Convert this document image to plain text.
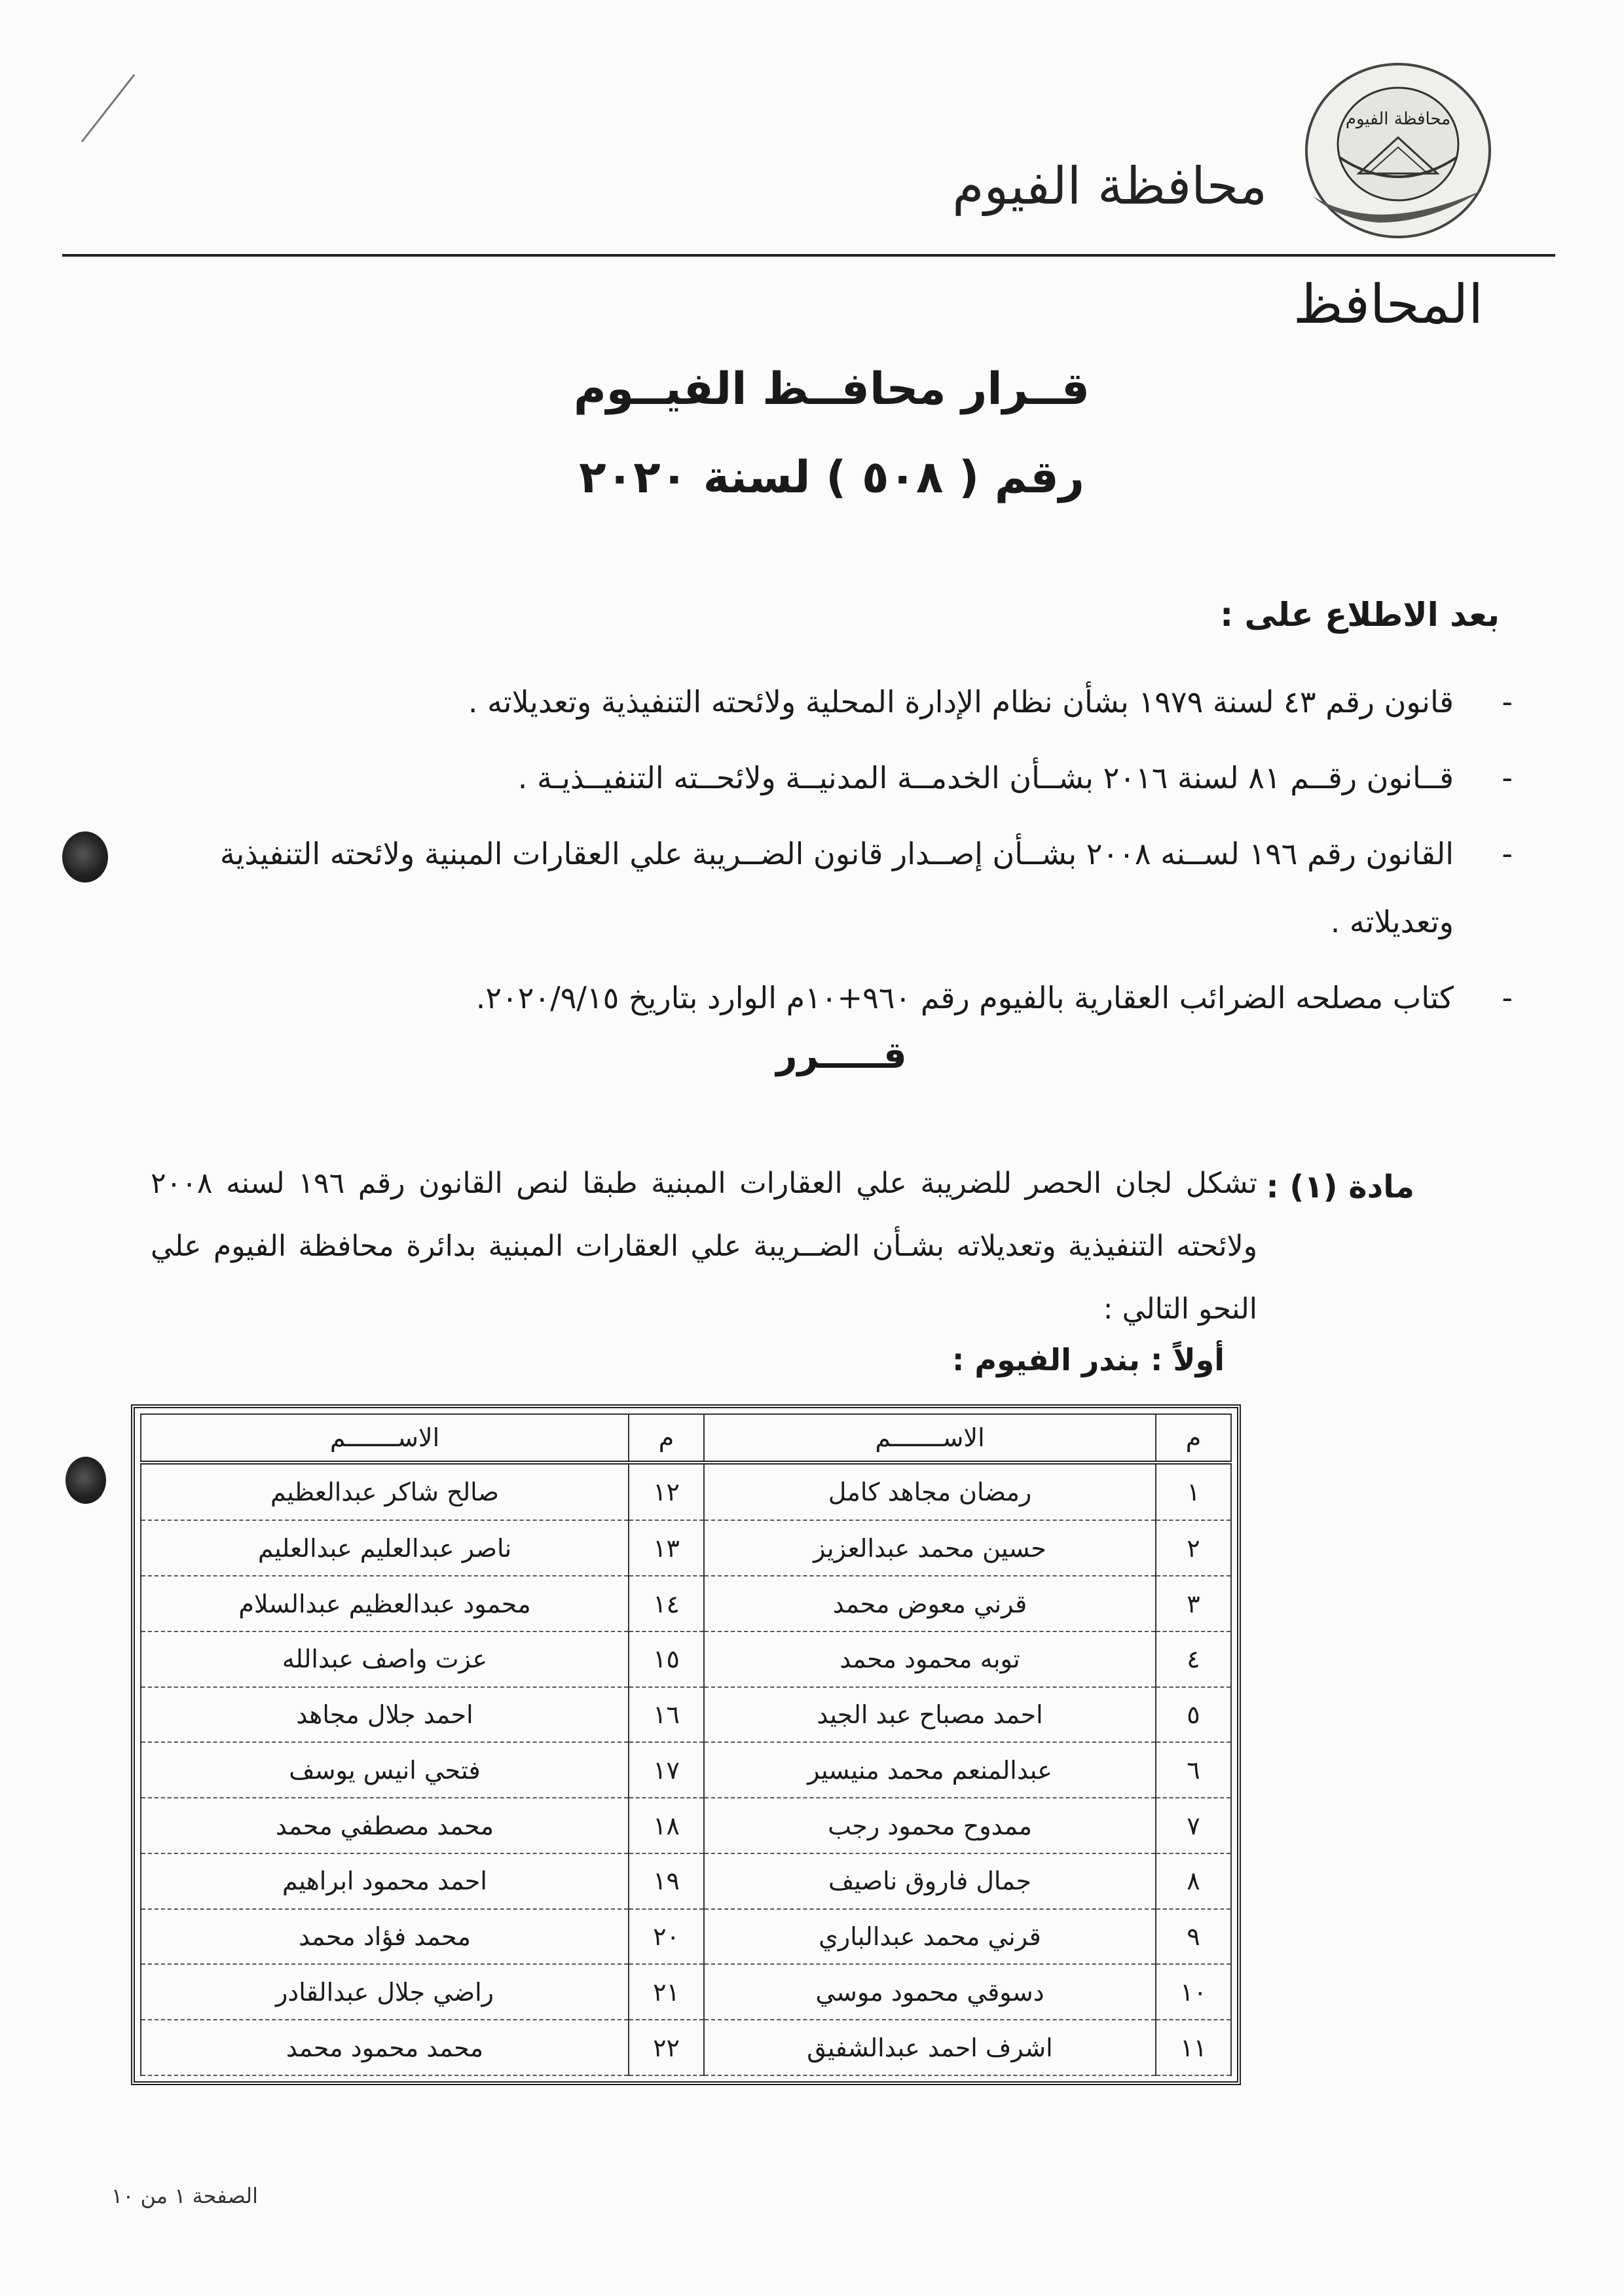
محافظة الفيوم
محافظة الفيوم
المحافظ
قــرار محافــظ الفيــوم
رقم ( ٥٠٨ ) لسنة ٢٠٢٠
بعد الاطلاع على :
- قانون رقم ٤٣ لسنة ١٩٧٩ بشأن نظام الإدارة المحلية ولائحته التنفيذية وتعديلاته .
- قــانون رقــم ٨١ لسنة ٢٠١٦ بشــأن الخدمــة المدنيــة ولائحــته التنفيــذيـة .
- القانون رقم ١٩٦ لســنه ٢٠٠٨ بشــأن إصــدار قانون الضــريبة علي العقارات المبنية ولائحته التنفيذية وتعديلاته .
- كتاب مصلحه الضرائب العقارية بالفيوم رقم ٩٦٠+١٠م الوارد بتاريخ ٢٠٢٠/٩/١٥.
قـــــرر
مادة (١) :
تشكل لجان الحصر للضريبة علي العقارات المبنية طبقا لنص القانون رقم ١٩٦ لسنه ٢٠٠٨ ولائحته التنفيذية وتعديلاته بشـأن الضــريبة علي العقارات المبنية بدائرة محافظة الفيوم علي النحو التالي :
أولاً : بندر الفيوم :
م	الاســـــــم	م	الاســـــــم
١	رمضان مجاهد كامل	١٢	صالح شاكر عبدالعظيم
٢	حسين محمد عبدالعزيز	١٣	ناصر عبدالعليم عبدالعليم
٣	قرني معوض محمد	١٤	محمود عبدالعظيم عبدالسلام
٤	توبه محمود محمد	١٥	عزت واصف عبدالله
٥	احمد مصباح عبد الجيد	١٦	احمد جلال مجاهد
٦	عبدالمنعم محمد منيسير	١٧	فتحي انيس يوسف
٧	ممدوح محمود رجب	١٨	محمد مصطفي محمد
٨	جمال فاروق ناصيف	١٩	احمد محمود ابراهيم
٩	قرني محمد عبدالباري	٢٠	محمد فؤاد محمد
١٠	دسوقي محمود موسي	٢١	راضي جلال عبدالقادر
١١	اشرف احمد عبدالشفيق	٢٢	محمد محمود محمد
الصفحة ١ من ١٠
